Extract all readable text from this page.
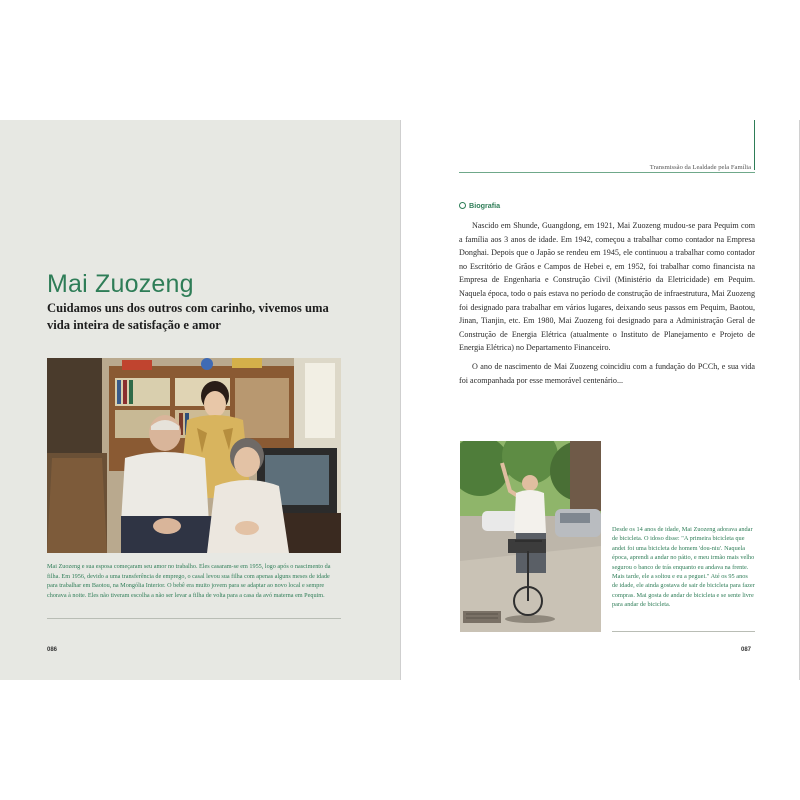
Mai Zuozeng

Cuidamos uns dos outros com carinho, vivemos uma vida inteira de satisfação e amor

Mai Zuozeng e sua esposa começaram seu amor no trabalho. Eles casaram-se em 1955, logo após o nascimento da filha. Em 1956, devido a uma transferência de emprego, o casal levou sua filha com apenas alguns meses de idade para trabalhar em Baotou, na Mongólia Interior. O bebê era muito jovem para se adaptar ao novo local e sempre chorava à noite. Eles não tiveram escolha a não ser levar a filha de volta para a casa da avó materna em Pequim.

086
Transmissão da Lealdade pela Família
Biografia

Nascido em Shunde, Guangdong, em 1921, Mai Zuozeng mudou-se para Pequim com a família aos 3 anos de idade. Em 1942, começou a trabalhar como contador na Empresa Donghai. Depois que o Japão se rendeu em 1945, ele continuou a trabalhar como contador no Escritório de Grãos e Campos de Hebei e, em 1952, foi trabalhar como financista na Empresa de Engenharia e Construção Civil (Ministério da Eletricidade) em Pequim. Naquela época, todo o país estava no período de construção de infraestrutura, Mai Zuozeng foi designado para trabalhar em vários lugares, deixando seus passos em Pequim, Baotou, Jinan, Tianjin, etc. Em 1980, Mai Zuozeng foi designado para a Administração Geral de Construção de Energia Elétrica (atualmente o Instituto de Planejamento e Projeto de Energia Elétrica) no Departamento Financeiro.

O ano de nascimento de Mai Zuozeng coincidiu com a fundação do PCCh, e sua vida foi acompanhada por esse memorável centenário...

Desde os 14 anos de idade, Mai Zuozeng adorava andar de bicicleta. O idoso disse: "A primeira bicicleta que andei foi uma bicicleta de homem 'dou-niu'. Naquela época, aprendi a andar no pátio, e meu irmão mais velho segurou o banco de trás enquanto eu andava na frente. Mais tarde, ele a soltou e eu a peguei." Até os 95 anos de idade, ele ainda gostava de sair de bicicleta para fazer compras. Mai gosta de andar de bicicleta e se sente livre para andar de bicicleta.

087
